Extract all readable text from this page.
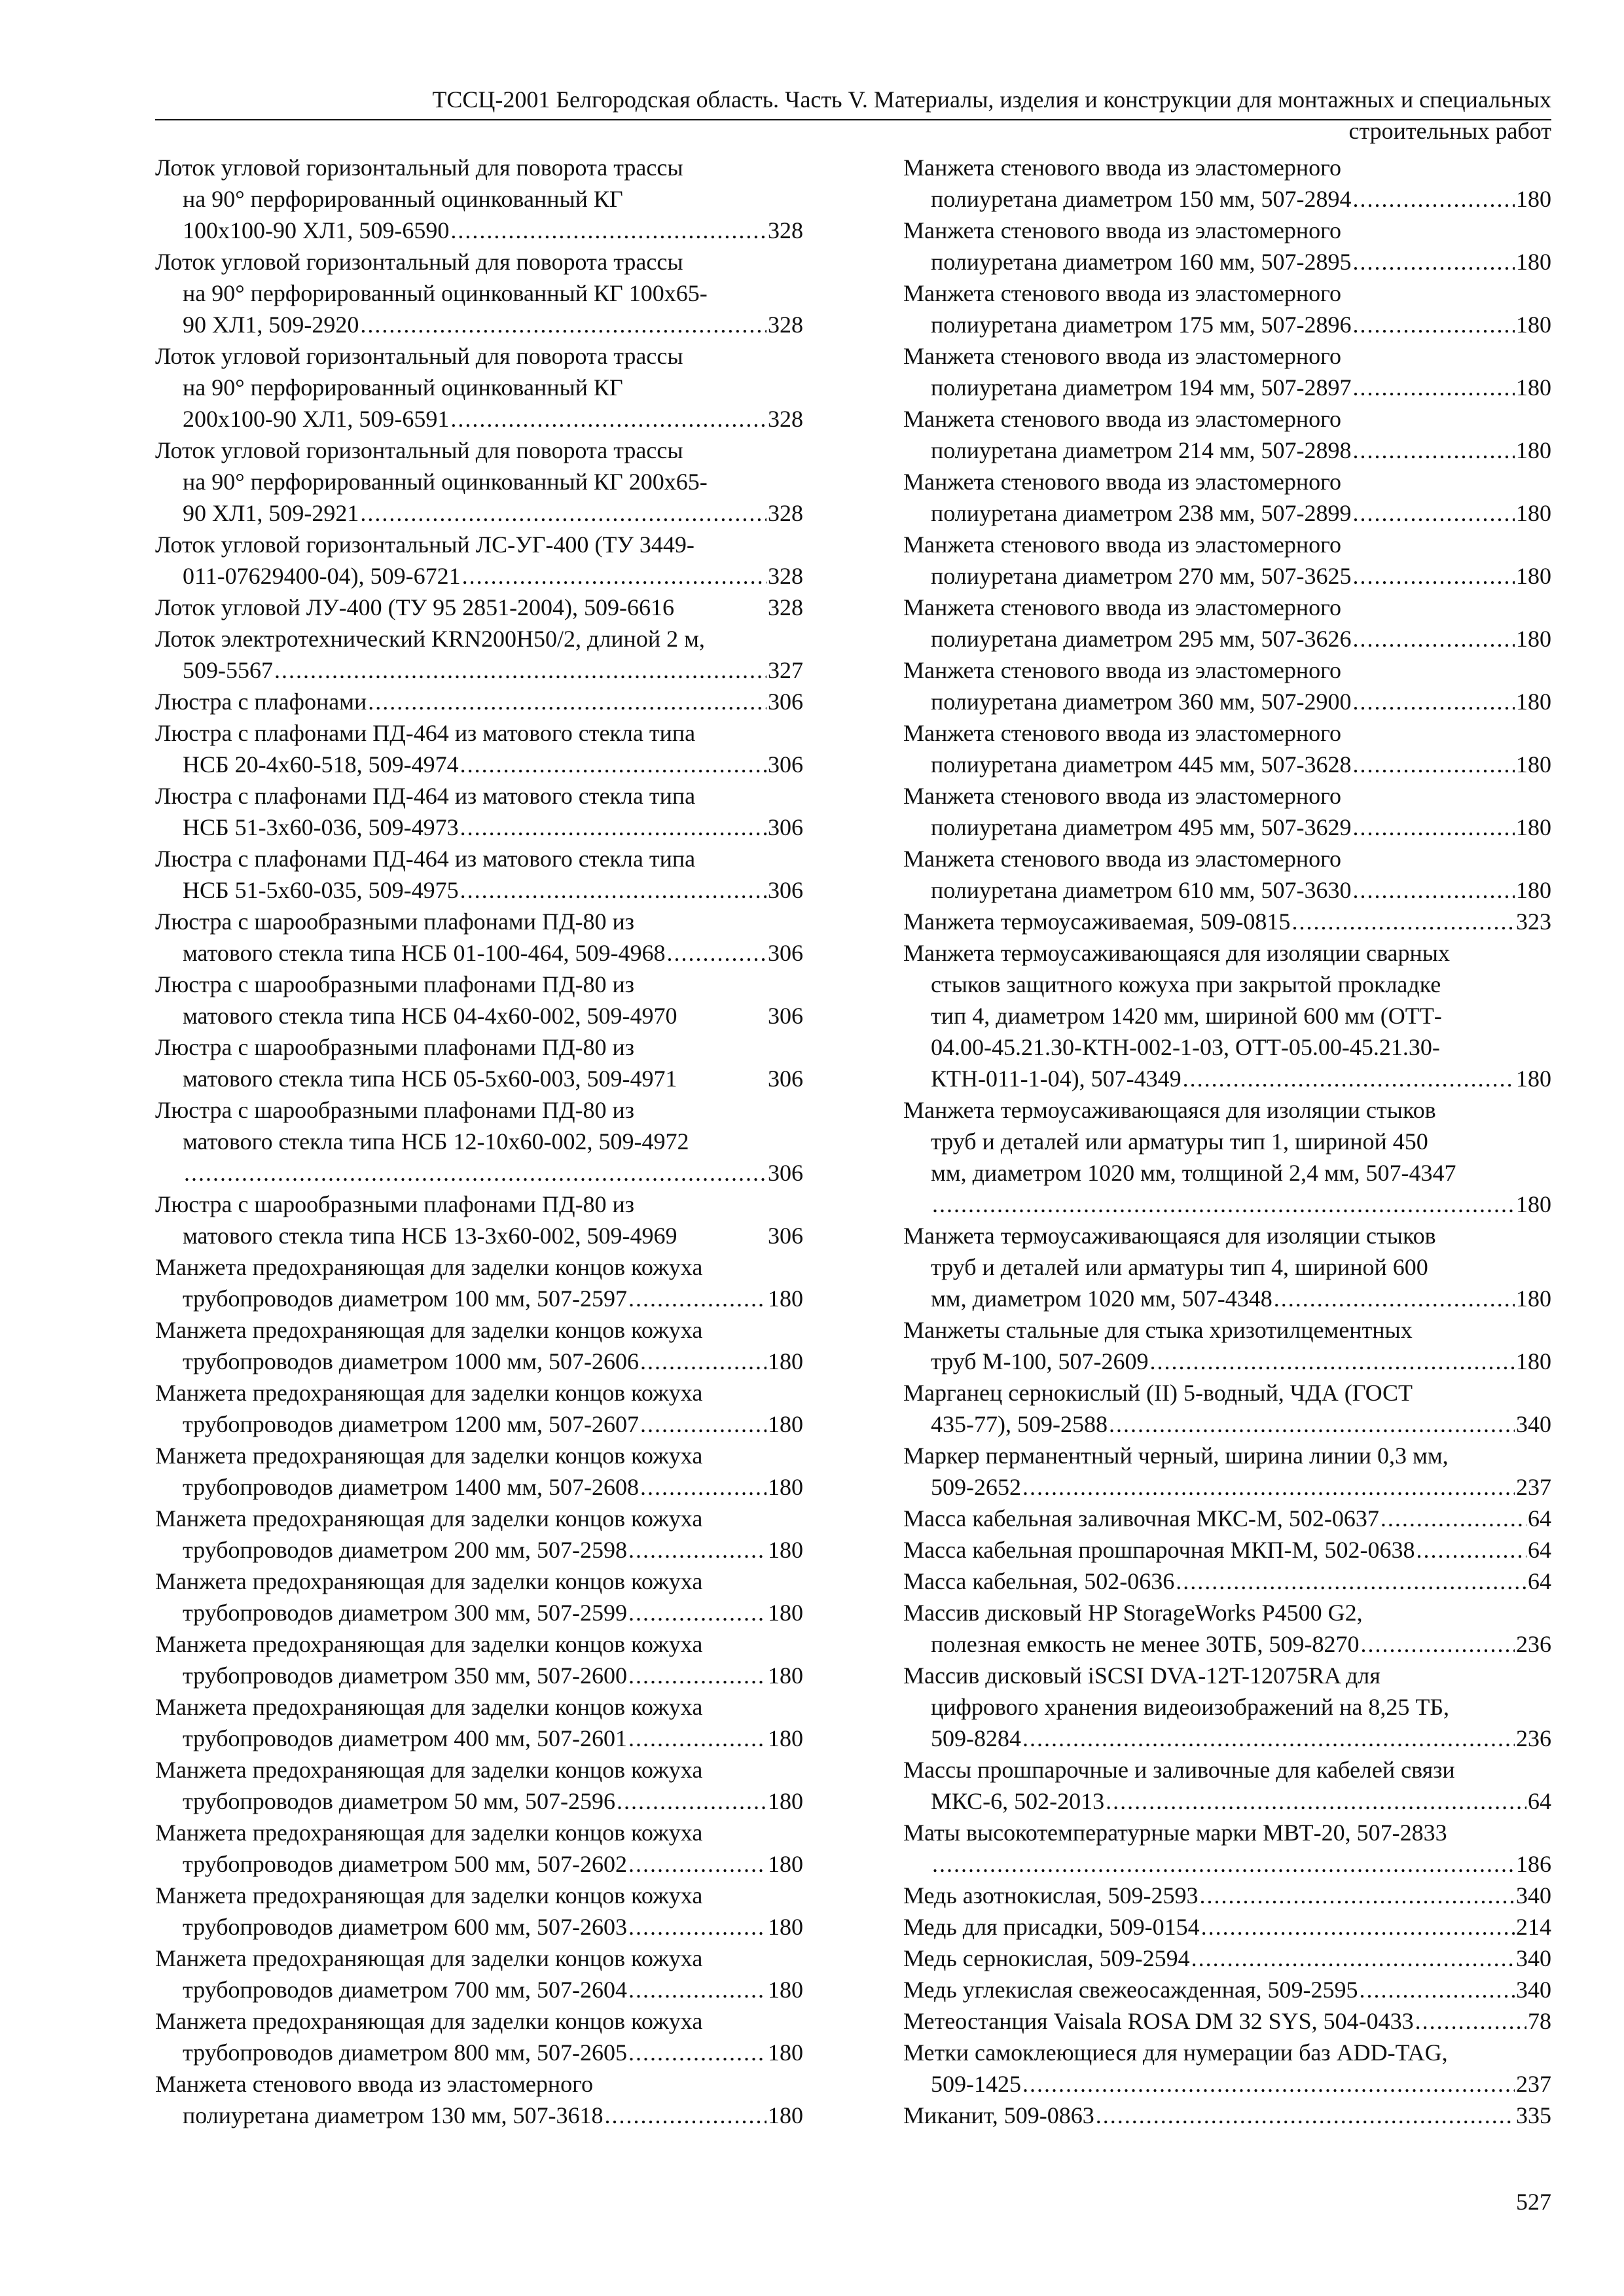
ТССЦ-2001 Белгородская область. Часть V. Материалы, изделия и конструкции для монтажных и специальных
строительных работ
Лоток угловой горизонтальный для поворота трассы
на 90° перфорированный оцинкованный КГ
100х100-90 ХЛ1, 509-6590 .....	328
Лоток угловой горизонтальный для поворота трассы
на 90° перфорированный оцинкованный КГ 100х65-
90 ХЛ1, 509-2920 .....	328
Лоток угловой горизонтальный для поворота трассы
на 90° перфорированный оцинкованный КГ
200х100-90 ХЛ1, 509-6591 .....	328
Лоток угловой горизонтальный для поворота трассы
на 90° перфорированный оцинкованный КГ 200х65-
90 ХЛ1, 509-2921 .....	328
Лоток угловой горизонтальный ЛС-УГ-400 (ТУ 3449-
011-07629400-04), 509-6721 .....	328
Лоток угловой ЛУ-400 (ТУ 95 2851-2004), 509-6616	328
Лоток электротехнический KRN200H50/2, длиной 2 м,
509-5567 .....	327
Люстра с плафонами .....	306
Люстра с плафонами ПД-464 из матового стекла типа
НСБ 20-4х60-518, 509-4974 .....	306
Люстра с плафонами ПД-464 из матового стекла типа
НСБ 51-3х60-036, 509-4973 .....	306
Люстра с плафонами ПД-464 из матового стекла типа
НСБ 51-5х60-035, 509-4975 .....	306
Люстра с шарообразными плафонами ПД-80 из
матового стекла типа НСБ 01-100-464, 509-4968 .....	306
Люстра с шарообразными плафонами ПД-80 из
матового стекла типа НСБ 04-4х60-002, 509-4970	306
Люстра с шарообразными плафонами ПД-80 из
матового стекла типа НСБ 05-5х60-003, 509-4971	306
Люстра с шарообразными плафонами ПД-80 из
матового стекла типа НСБ 12-10х60-002, 509-4972
.....
306
Люстра с шарообразными плафонами ПД-80 из
матового стекла типа НСБ 13-3х60-002, 509-4969	306
Манжета предохраняющая для заделки концов кожуха
трубопроводов диаметром 100 мм, 507-2597 .....	180
Манжета предохраняющая для заделки концов кожуха
трубопроводов диаметром 1000 мм, 507-2606 .....	180
Манжета предохраняющая для заделки концов кожуха
трубопроводов диаметром 1200 мм, 507-2607 .....	180
Манжета предохраняющая для заделки концов кожуха
трубопроводов диаметром 1400 мм, 507-2608 .....	180
Манжета предохраняющая для заделки концов кожуха
трубопроводов диаметром 200 мм, 507-2598 .....	180
Манжета предохраняющая для заделки концов кожуха
трубопроводов диаметром 300 мм, 507-2599 .....	180
Манжета предохраняющая для заделки концов кожуха
трубопроводов диаметром 350 мм, 507-2600 .....	180
Манжета предохраняющая для заделки концов кожуха
трубопроводов диаметром 400 мм, 507-2601 .....	180
Манжета предохраняющая для заделки концов кожуха
трубопроводов диаметром 50 мм, 507-2596 .....	180
Манжета предохраняющая для заделки концов кожуха
трубопроводов диаметром 500 мм, 507-2602 .....	180
Манжета предохраняющая для заделки концов кожуха
трубопроводов диаметром 600 мм, 507-2603 .....	180
Манжета предохраняющая для заделки концов кожуха
трубопроводов диаметром 700 мм, 507-2604 .....	180
Манжета предохраняющая для заделки концов кожуха
трубопроводов диаметром 800 мм, 507-2605 .....	180
Манжета стенового ввода из эластомерного
полиуретана диаметром 130 мм, 507-3618 .....	180
Манжета стенового ввода из эластомерного
полиуретана диаметром 150 мм, 507-2894 .....	180
Манжета стенового ввода из эластомерного
полиуретана диаметром 160 мм, 507-2895 .....	180
Манжета стенового ввода из эластомерного
полиуретана диаметром 175 мм, 507-2896 .....	180
Манжета стенового ввода из эластомерного
полиуретана диаметром 194 мм, 507-2897 .....	180
Манжета стенового ввода из эластомерного
полиуретана диаметром 214 мм, 507-2898 .....	180
Манжета стенового ввода из эластомерного
полиуретана диаметром 238 мм, 507-2899 .....	180
Манжета стенового ввода из эластомерного
полиуретана диаметром 270 мм, 507-3625 .....	180
Манжета стенового ввода из эластомерного
полиуретана диаметром 295 мм, 507-3626 .....	180
Манжета стенового ввода из эластомерного
полиуретана диаметром 360 мм, 507-2900 .....	180
Манжета стенового ввода из эластомерного
полиуретана диаметром 445 мм, 507-3628 .....	180
Манжета стенового ввода из эластомерного
полиуретана диаметром 495 мм, 507-3629 .....	180
Манжета стенового ввода из эластомерного
полиуретана диаметром 610 мм, 507-3630 .....	180
Манжета термоусаживаемая, 509-0815 .....	323
Манжета термоусаживающаяся для изоляции сварных
стыков защитного кожуха при закрытой прокладке
тип 4, диаметром 1420 мм, шириной 600 мм (ОТТ-
04.00-45.21.30-КТН-002-1-03, ОТТ-05.00-45.21.30-
КТН-011-1-04), 507-4349 .....	180
Манжета термоусаживающаяся для изоляции стыков
труб и деталей или арматуры тип 1, шириной 450
мм, диаметром 1020 мм, толщиной 2,4 мм, 507-4347
.....
180
Манжета термоусаживающаяся для изоляции стыков
труб и деталей или арматуры тип 4, шириной 600
мм, диаметром 1020 мм, 507-4348 .....	180
Манжеты стальные для стыка хризотилцементных
труб М-100, 507-2609 .....	180
Марганец сернокислый (II) 5-водный, ЧДА (ГОСТ
435-77), 509-2588 .....	340
Маркер перманентный черный, ширина линии 0,3 мм,
509-2652 .....	237
Масса кабельная заливочная МКС-М, 502-0637 .....	64
Масса кабельная прошпарочная МКП-М, 502-0638 .....	64
Масса кабельная, 502-0636 .....	64
Массив дисковый HP StorageWorks P4500 G2,
полезная емкость не менее 30ТБ, 509-8270 .....	236
Массив дисковый iSCSI DVA-12T-12075RA для
цифрового хранения видеоизображений на 8,25 ТБ,
509-8284 .....	236
Массы прошпарочные и заливочные для кабелей связи
МКС-6, 502-2013 .....	64
Маты высокотемпературные марки МВТ-20, 507-2833
.....
186
Медь азотнокислая, 509-2593 .....	340
Медь для присадки, 509-0154 .....	214
Медь сернокислая, 509-2594 .....	340
Медь углекислая свежеосажденная, 509-2595 .....	340
Метеостанция Vaisala ROSA DM 32 SYS, 504-0433 .....	78
Метки самоклеющиеся для нумерации баз ADD-TAG,
509-1425 .....	237
Миканит, 509-0863 .....	335
527
